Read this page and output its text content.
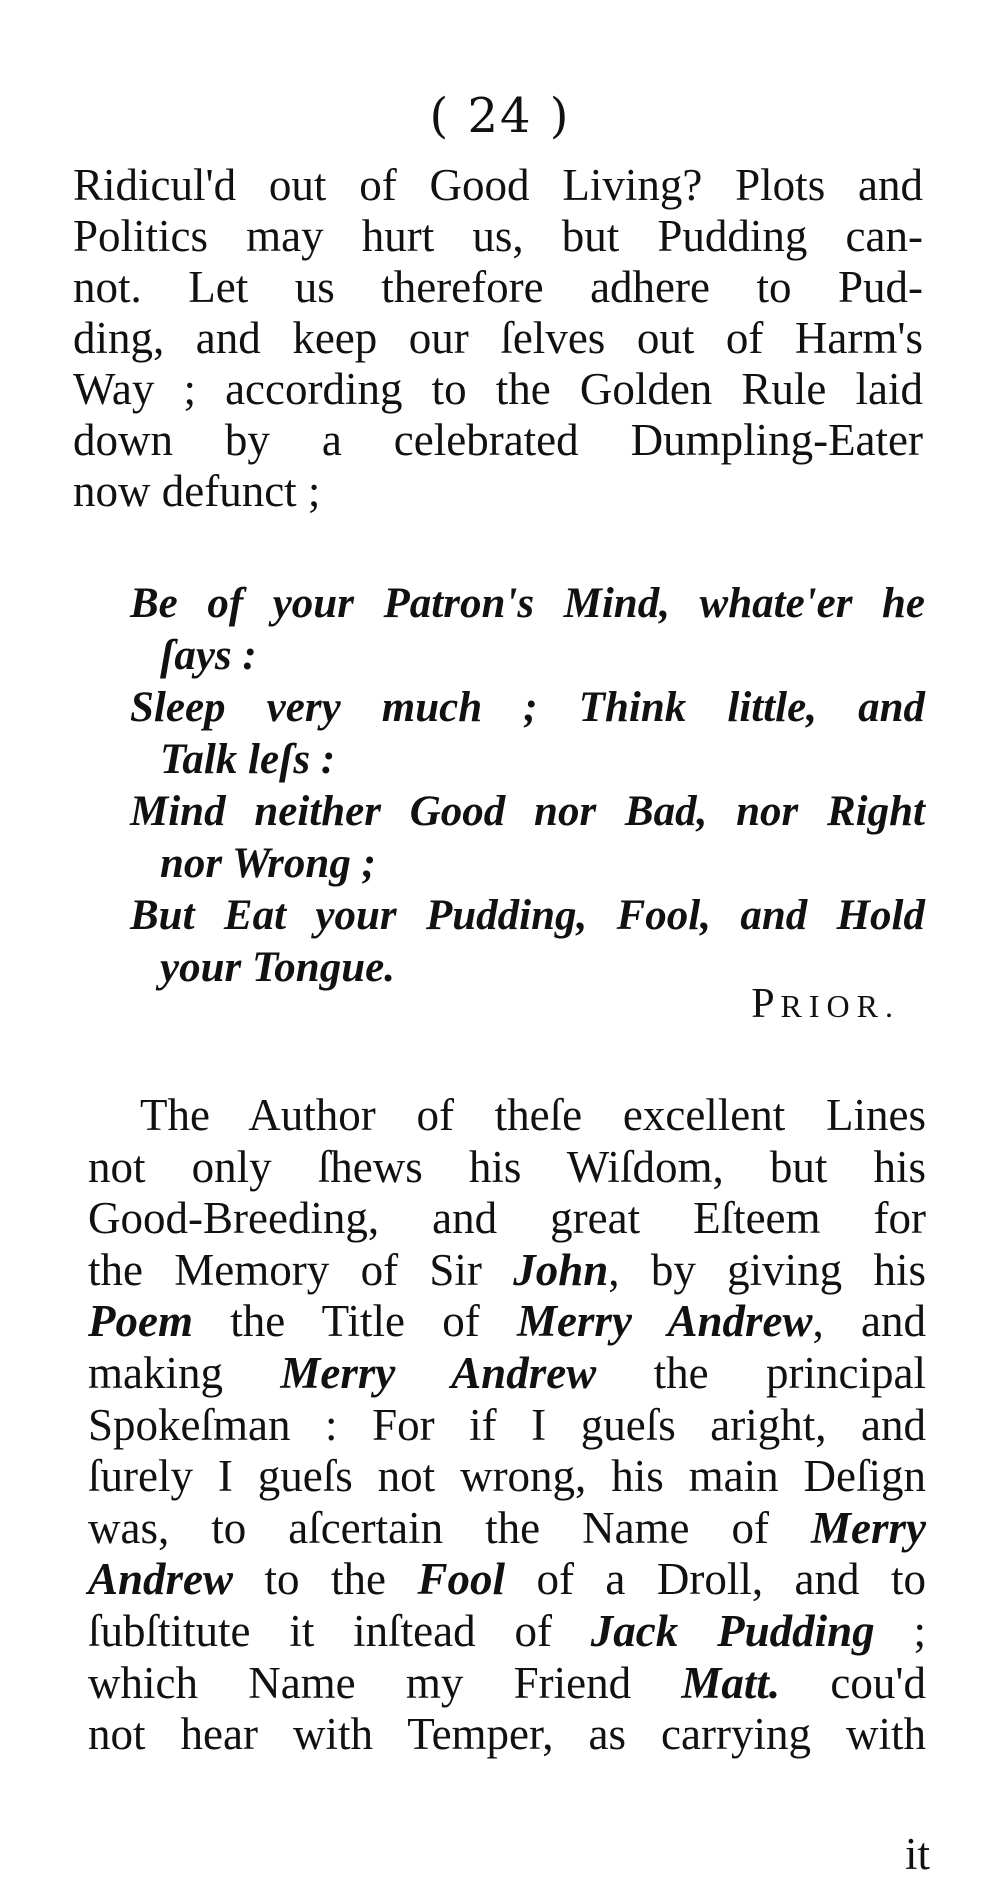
( 24 )
Ridicul'd out of Good Living? Plots and
Politics may hurt us, but Pudding can-
not. Let us therefore adhere to Pud-
ding, and keep our ſelves out of Harm's
Way ; according to the Golden Rule laid
down by a celebrated Dumpling-Eater
now defunct ;
Be of your Patron's Mind, whate'er he
ſays :
Sleep very much ; Think little, and
Talk leſs :
Mind neither Good nor Bad, nor Right
nor Wrong ;
But Eat your Pudding, Fool, and Hold
your Tongue.
PRIOR.
The Author of theſe excellent Lines
not only ſhews his Wiſdom, but his
Good-Breeding, and great Eſteem for
the Memory of Sir John, by giving his
Poem the Title of Merry Andrew, and
making Merry Andrew the principal
Spokeſman : For if I gueſs aright, and
ſurely I gueſs not wrong, his main Deſign
was, to aſcertain the Name of Merry
Andrew to the Fool of a Droll, and to
ſubſtitute it inſtead of Jack Pudding ;
which Name my Friend Matt. cou'd
not hear with Temper, as carrying with
it
